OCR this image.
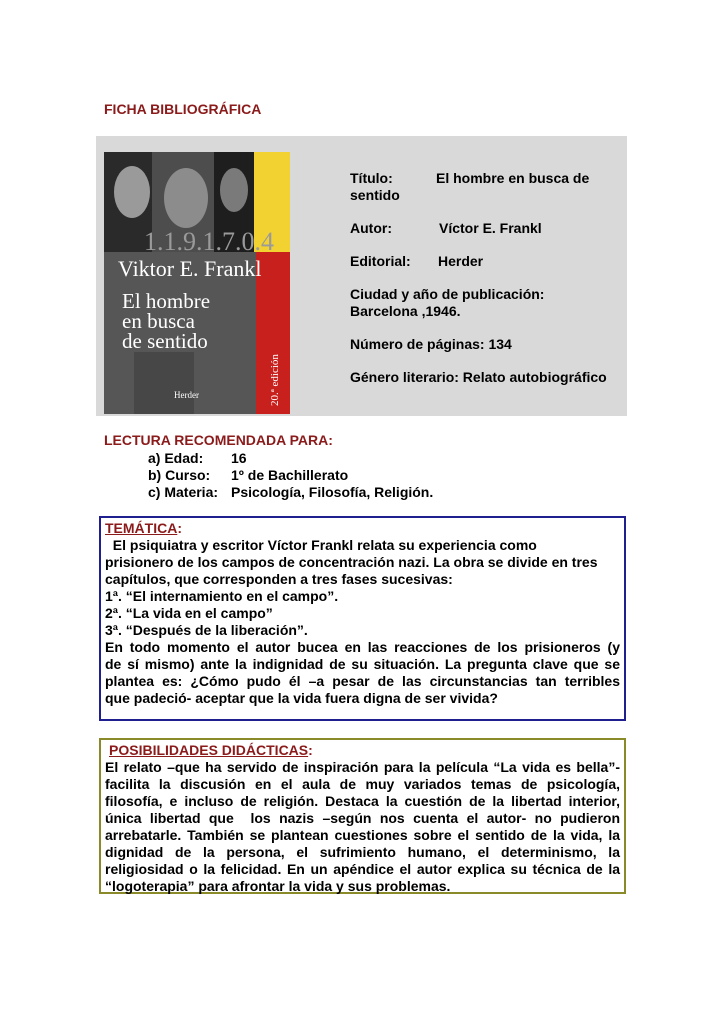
FICHA BIBLIOGRÁFICA
1.1.9.1.7.0.4
Viktor E. Frankl
El hombre
en busca
de sentido
Herder	20.ª edición
Título:	El hombre en busca de
sentido
Autor:	Víctor E. Frankl
Editorial: Herder
Ciudad y año de publicación:
Barcelona ,1946.
Número de páginas: 134
Género literario: Relato autobiográfico
LECTURA RECOMENDADA PARA:
a) Edad: 16
b) Curso: 1º de Bachillerato
c) Materia: Psicología, Filosofía, Religión.
TEMÁTICA:
El psiquiatra y escritor Víctor Frankl relata su experiencia como
prisionero de los campos de concentración nazi. La obra se divide en tres
capítulos, que corresponden a tres fases sucesivas:
1ª. “El internamiento en el campo”.
2ª. “La vida en el campo”
3ª. “Después de la liberación”.
En todo momento el autor bucea en las reacciones de los prisioneros (y
de sí mismo) ante la indignidad de su situación. La pregunta clave que se
plantea es: ¿Cómo pudo él –a pesar de las circunstancias tan terribles
que padeció- aceptar que la vida fuera digna de ser vivida?
POSIBILIDADES DIDÁCTICAS:
El relato –que ha servido de inspiración para la película “La vida es bella”-
facilita la discusión en el aula de muy variados temas de psicología,
filosofía, e incluso de religión. Destaca la cuestión de la libertad interior,
única libertad que  los nazis –según nos cuenta el autor- no pudieron
arrebatarle. También se plantean cuestiones sobre el sentido de la vida, la
dignidad de la persona, el sufrimiento humano, el determinismo, la
religiosidad o la felicidad. En un apéndice el autor explica su técnica de la
“logoterapia” para afrontar la vida y sus problemas.
